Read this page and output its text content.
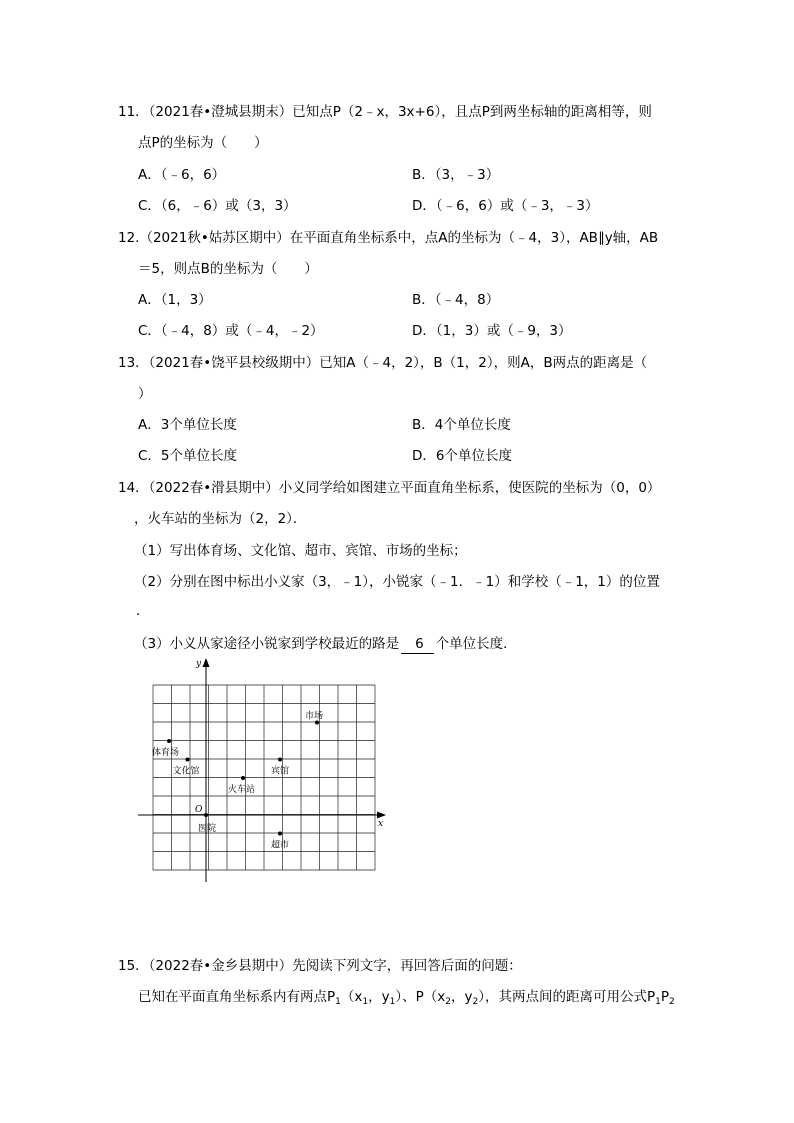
11．（2021春•澄城县期末）已知点P（2﹣x，3x+6），且点P到两坐标轴的距离相等，则
点P的坐标为（　　）
A．（﹣6，6）	B．（3，﹣3）
C．（6，﹣6）或（3，3）	D．（﹣6，6）或（﹣3，﹣3）
12.（2021秋•姑苏区期中）在平面直角坐标系中，点A的坐标为（﹣4，3），AB∥y轴，AB
＝5，则点B的坐标为（　　）
A．（1，3）	B．（﹣4，8）
C．（﹣4，8）或（﹣4，﹣2）	D．（1，3）或（﹣9，3）
13．（2021春•饶平县校级期中）已知A（﹣4，2），B（1，2），则A，B两点的距离是（
）
A．3个单位长度	B．4个单位长度
C．5个单位长度	D．6个单位长度
14．（2022春•滑县期中）小义同学给如图建立平面直角坐标系，使医院的坐标为（0，0）
，火车站的坐标为（2，2）．
（1）写出体育场、文化馆、超市、宾馆、市场的坐标；
（2）分别在图中标出小义家（3，﹣1），小锐家（﹣1．﹣1）和学校（﹣1，1）的位置
．
（3）小义从家途径小锐家到学校最近的路是 6 个单位长度．
x
y
O
市场
体育场
宾馆
文化馆
火车站
医院
超市
15．（2022春•金乡县期中）先阅读下列文字，再回答后面的问题：
已知在平面直角坐标系内有两点$P_1(x_1$，$y_1$）、$P(x_2$，$y_2$），其两点间的距离可用公式$P_1P_2$
